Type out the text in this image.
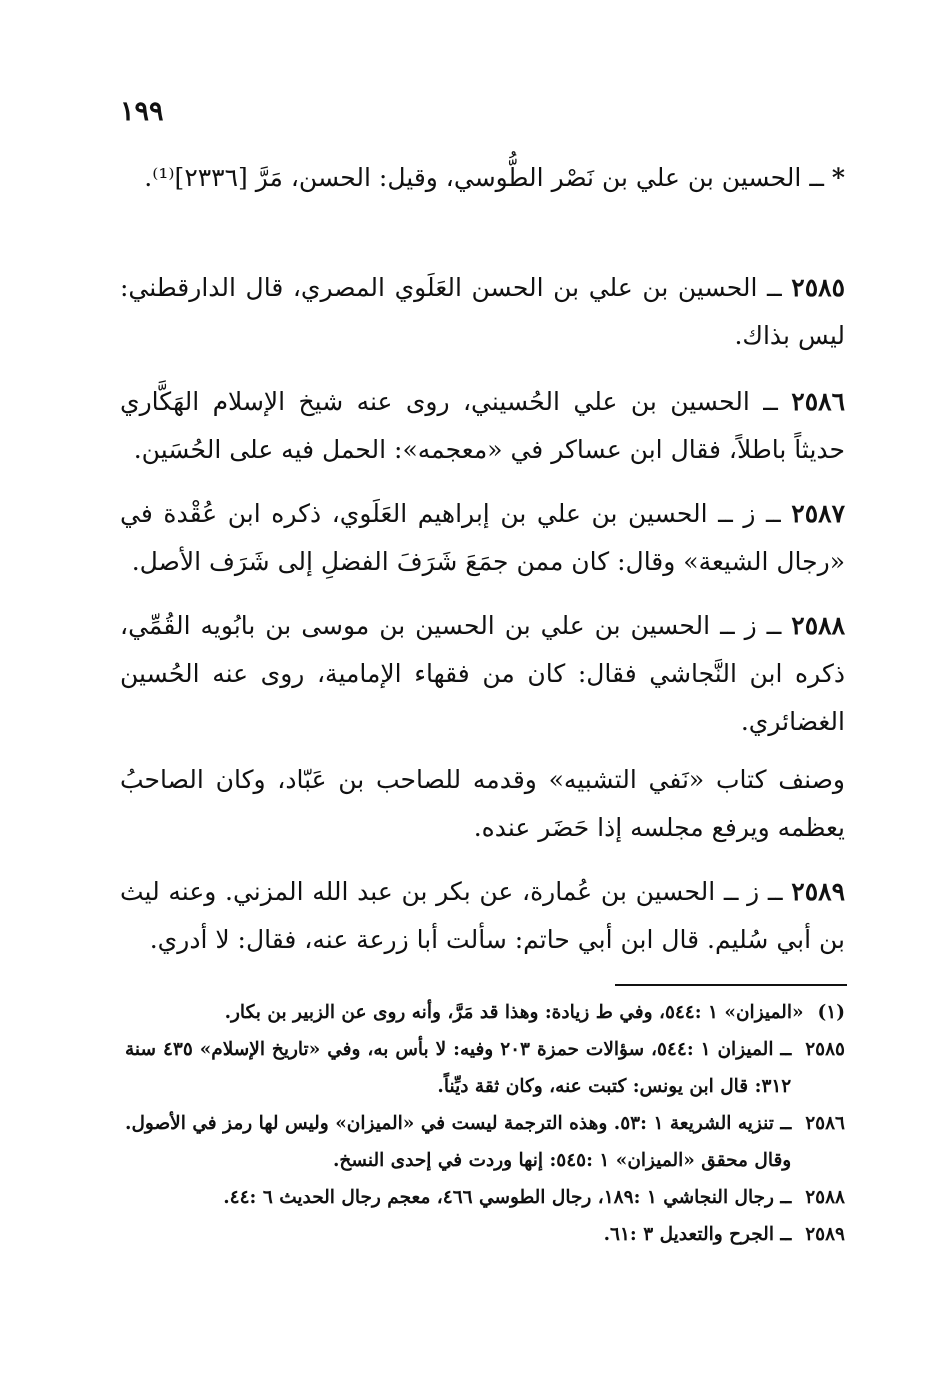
١٩٩
* ــ الحسين بن علي بن نَصْر الطُّوسي، وقيل: الحسن، مَرَّ [٢٣٣٦]⁽¹⁾.
٢٥٨٥ ــ الحسين بن علي بن الحسن العَلَوي المصري، قال الدارقطني: ليس بذاك.
٢٥٨٦ ــ الحسين بن علي الحُسيني، روى عنه شيخ الإسلام الهَكَّاري حديثاً باطلاً، فقال ابن عساكر في «معجمه»: الحمل فيه على الحُسَين.
٢٥٨٧ ــ ز ــ الحسين بن علي بن إبراهيم العَلَوي، ذكره ابن عُقْدة في «رجال الشيعة» وقال: كان ممن جمَعَ شَرَفَ الفضلِ إلى شَرَف الأصل.
٢٥٨٨ ــ ز ــ الحسين بن علي بن الحسين بن موسى بن بابُويه القُمِّي، ذكره ابن النَّجاشي فقال: كان من فقهاء الإمامية، روى عنه الحُسين الغضائري.
وصنف كتاب «نَفي التشبيه» وقدمه للصاحب بن عَبّاد، وكان الصاحبُ يعظمه ويرفع مجلسه إذا حَضَر عنده.
٢٥٨٩ ــ ز ــ الحسين بن عُمارة، عن بكر بن عبد الله المزني. وعنه ليث بن أبي سُليم. قال ابن أبي حاتم: سألت أبا زرعة عنه، فقال: لا أدري.
(١)
«الميزان» ١ :٥٤٤، وفي ط زيادة: وهذا قد مَرَّ، وأنه روى عن الزبير بن بكار.
٢٥٨٥
ــ الميزان ١ :٥٤٤، سؤالات حمزة ٢٠٣ وفيه: لا بأس به، وفي «تاريخ الإسلام» ٤٣٥ سنة ٣١٢: قال ابن يونس: كتبت عنه، وكان ثقة ديِّناً.
٢٥٨٦
ــ تنزيه الشريعة ١ :٥٣. وهذه الترجمة ليست في «الميزان» وليس لها رمز في الأصول. وقال محقق «الميزان» ١ :٥٤٥: إنها وردت في إحدى النسخ.
٢٥٨٨
ــ رجال النجاشي ١ :١٨٩، رجال الطوسي ٤٦٦، معجم رجال الحديث ٦ :٤٤.
٢٥٨٩
ــ الجرح والتعديل ٣ :٦١.
